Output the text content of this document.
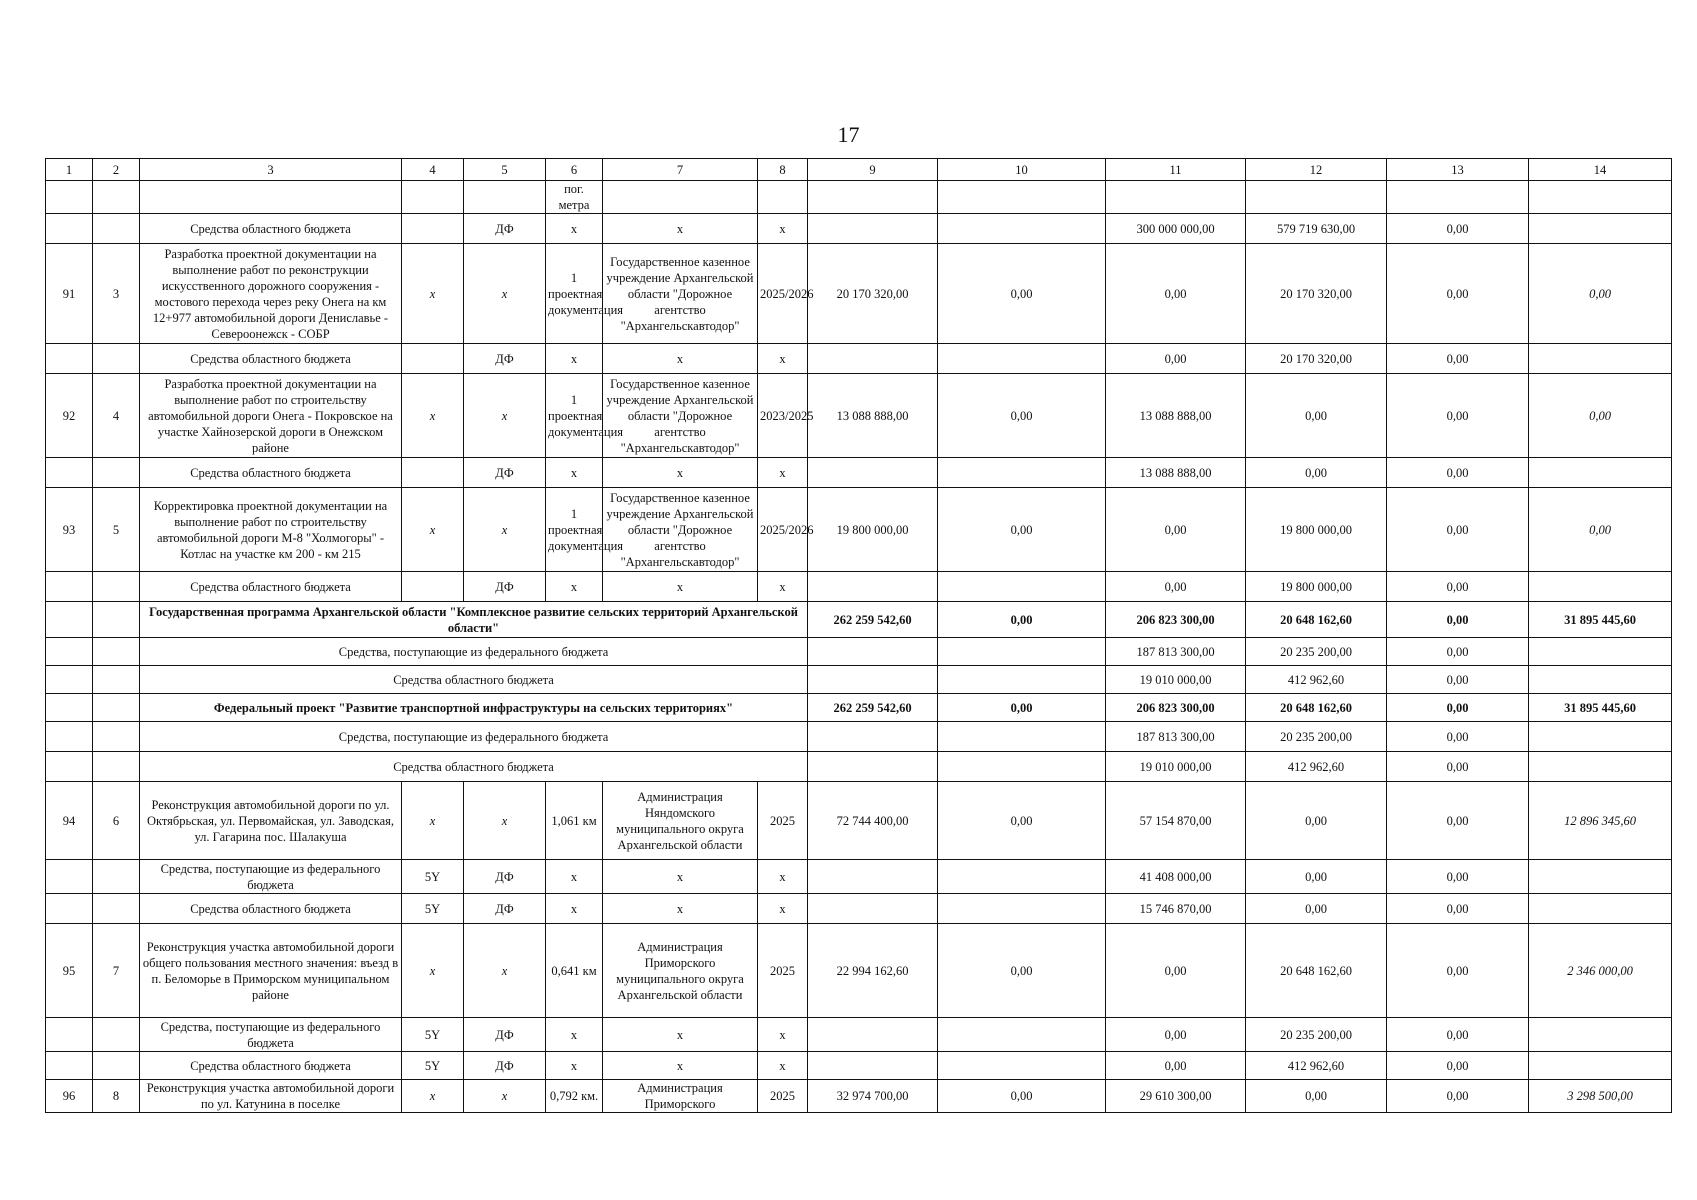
17
1	2	3	4	5	6	7	8	9	10	11	12	13	14
					пог. метра								
		Средства областного бюджета		ДФ	х	х	х			300 000 000,00	579 719 630,00	0,00	
91	3	Разработка проектной документации на выполнение работ по реконструкции искусственного дорожного сооружения - мостового перехода через реку Онега на км 12+977 автомобильной дороги Дениславье - Североонежск - СОБР	х	х	1 проектная документация	Государственное казенное учреждение Архангельской области "Дорожное агентство "Архангельскавтодор"	2025/2026	20 170 320,00	0,00	0,00	20 170 320,00	0,00	0,00
		Средства областного бюджета		ДФ	х	х	х			0,00	20 170 320,00	0,00	
92	4	Разработка проектной документации на выполнение работ по строительству автомобильной дороги Онега - Покровское на участке Хайнозерской дороги в Онежском районе	х	х	1 проектная документация	Государственное казенное учреждение Архангельской области "Дорожное агентство "Архангельскавтодор"	2023/2025	13 088 888,00	0,00	13 088 888,00	0,00	0,00	0,00
		Средства областного бюджета		ДФ	х	х	х			13 088 888,00	0,00	0,00	
93	5	Корректировка проектной документации на выполнение работ по строительству автомобильной дороги М-8 "Холмогоры" - Котлас на участке км 200 - км 215	х	х	1 проектная документация	Государственное казенное учреждение Архангельской области "Дорожное агентство "Архангельскавтодор"	2025/2026	19 800 000,00	0,00	0,00	19 800 000,00	0,00	0,00
		Средства областного бюджета		ДФ	х	х	х			0,00	19 800 000,00	0,00	
		Государственная программа Архангельской области "Комплексное развитие сельских территорий Архангельской области"						262 259 542,60	0,00	206 823 300,00	20 648 162,60	0,00	31 895 445,60
		Средства, поступающие из федерального бюджета								187 813 300,00	20 235 200,00	0,00	
		Средства областного бюджета								19 010 000,00	412 962,60	0,00	
		Федеральный проект "Развитие транспортной инфраструктуры на сельских территориях"						262 259 542,60	0,00	206 823 300,00	20 648 162,60	0,00	31 895 445,60
		Средства, поступающие из федерального бюджета								187 813 300,00	20 235 200,00	0,00	
		Средства областного бюджета								19 010 000,00	412 962,60	0,00	
94	6	Реконструкция автомобильной дороги по ул. Октябрьская, ул. Первомайская, ул. Заводская, ул. Гагарина пос. Шалакуша	х	х	1,061 км	Администрация Няндомского муниципального округа Архангельской области	2025	72 744 400,00	0,00	57 154 870,00	0,00	0,00	12 896 345,60
		Средства, поступающие из федерального бюджета	5Y	ДФ	х	х	х			41 408 000,00	0,00	0,00	
		Средства областного бюджета	5Y	ДФ	х	х	х			15 746 870,00	0,00	0,00	
95	7	Реконструкция участка автомобильной дороги общего пользования местного значения: въезд в п. Беломорье в Приморском муниципальном районе	х	х	0,641 км	Администрация Приморского муниципального округа Архангельской области	2025	22 994 162,60	0,00	0,00	20 648 162,60	0,00	2 346 000,00
		Средства, поступающие из федерального бюджета	5Y	ДФ	х	х	х			0,00	20 235 200,00	0,00	
		Средства областного бюджета	5Y	ДФ	х	х	х			0,00	412 962,60	0,00	
96	8	Реконструкция участка автомобильной дороги по ул. Катунина в поселке	х	х	0,792 км.	Администрация Приморского	2025	32 974 700,00	0,00	29 610 300,00	0,00	0,00	3 298 500,00
